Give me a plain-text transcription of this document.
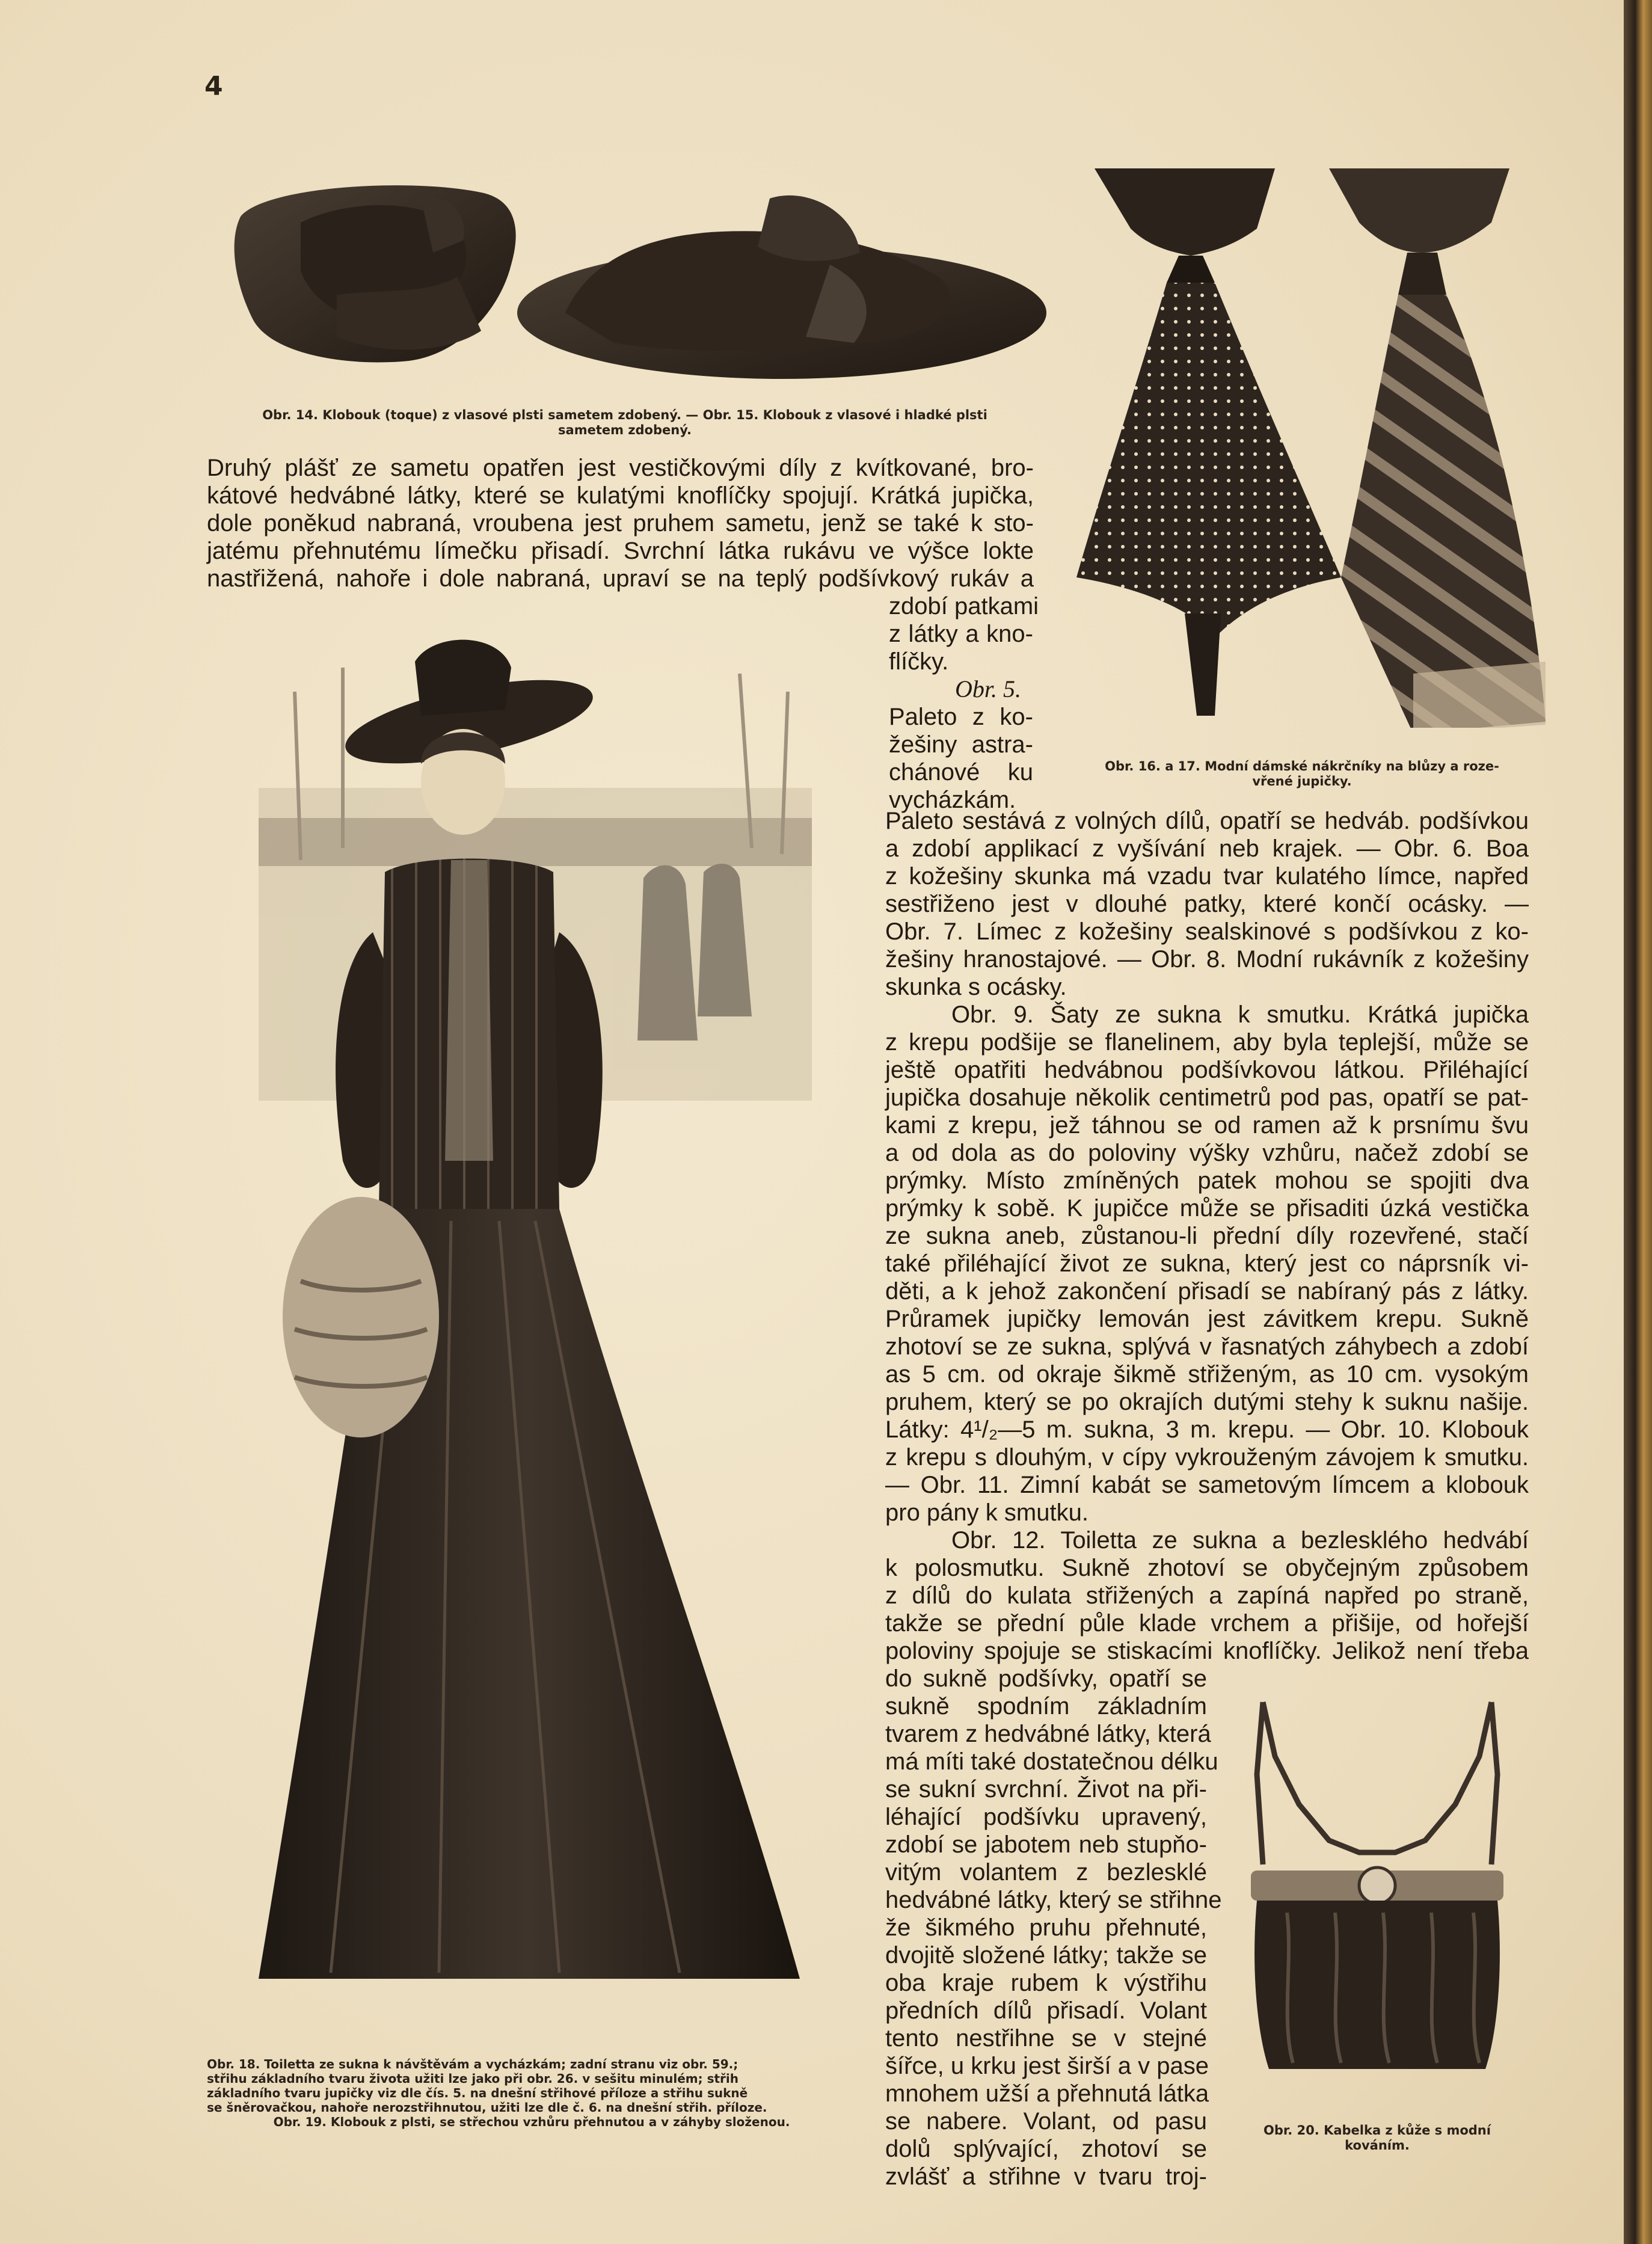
4
Obr. 14. Klobouk (toque) z vlasové plsti sametem zdobený. — Obr. 15. Klobouk z vlasové i hladké plsti
sametem zdobený.
Obr. 16. a 17. Modní dámské nákrčníky na blůzy a roze-
vřené jupičky.
Druhý plášť ze sametu opatřen jest vestičkovými díly z kvítkované, bro-
kátové hedvábné látky, které se kulatými knoflíčky spojují. Krátká jupička,
dole poněkud nabraná, vroubena jest pruhem sametu, jenž se také k sto-
jatému přehnutému límečku přisadí. Svrchní látka rukávu ve výšce lokte
nastřižená, nahoře i dole nabraná, upraví se na teplý podšívkový rukáv a
zdobí patkami
z látky a kno-
flíčky.
Obr. 5.
Paleto z ko-
žešiny astra-
chánové ku
vycházkám.
Obr. 18. Toiletta ze sukna k návštěvám a vycházkám; zadní stranu viz obr. 59.;
střihu základního tvaru života užiti lze jako při obr. 26. v sešitu minulém; střih
základního tvaru jupičky viz dle čís. 5. na dnešní střihové příloze a střihu sukně
se šněrovačkou, nahoře nerozstřihnutou, užiti lze dle č. 6. na dnešní střih. příloze.
Obr. 19. Klobouk z plsti, se střechou vzhůru přehnutou a v záhyby složenou.
Paleto sestává z volných dílů, opatří se hedváb. podšívkou
a zdobí applikací z vyšívání neb krajek. — Obr. 6. Boa
z kožešiny skunka má vzadu tvar kulatého límce, napřed
sestřiženo jest v dlouhé patky, které končí ocásky. —
Obr. 7. Límec z kožešiny sealskinové s podšívkou z ko-
žešiny hranostajové. — Obr. 8. Modní rukávník z kožešiny
skunka s ocásky.
Obr. 9. Šaty ze sukna k smutku. Krátká jupička
z krepu podšije se flanelinem, aby byla teplejší, může se
ještě opatřiti hedvábnou podšívkovou látkou. Přiléhající
jupička dosahuje několik centimetrů pod pas, opatří se pat-
kami z krepu, jež táhnou se od ramen až k prsnímu švu
a od dola as do poloviny výšky vzhůru, načež zdobí se
prýmky. Místo zmíněných patek mohou se spojiti dva
prýmky k sobě. K jupičce může se přisaditi úzká vestička
ze sukna aneb, zůstanou-li přední díly rozevřené, stačí
také přiléhající život ze sukna, který jest co náprsník vi-
děti, a k jehož zakončení přisadí se nabíraný pás z látky.
Průramek jupičky lemován jest závitkem krepu. Sukně
zhotoví se ze sukna, splývá v řasnatých záhybech a zdobí
as 5 cm. od okraje šikmě střiženým, as 10 cm. vysokým
pruhem, který se po okrajích dutými stehy k suknu našije.
Látky: 4¹/₂—5 m. sukna, 3 m. krepu. — Obr. 10. Klobouk
z krepu s dlouhým, v cípy vykrouženým závojem k smutku.
— Obr. 11. Zimní kabát se sametovým límcem a klobouk
pro pány k smutku.
Obr. 12. Toiletta ze sukna a bezlesklého hedvábí
k polosmutku. Sukně zhotoví se obyčejným způsobem
z dílů do kulata střižených a zapíná napřed po straně,
takže se přední půle klade vrchem a přišije, od hořejší
poloviny spojuje se stiskacími knoflíčky. Jelikož není třeba
do sukně podšívky, opatří se
sukně spodním základním
tvarem z hedvábné látky, která
má míti také dostatečnou délku
se sukní svrchní. Život na při-
léhající podšívku upravený,
zdobí se jabotem neb stupňo-
vitým volantem z bezlesklé
hedvábné látky, který se střihne
že šikmého pruhu přehnuté,
dvojitě složené látky; takže se
oba kraje rubem k výstřihu
předních dílů přisadí. Volant
tento nestřihne se v stejné
šířce, u krku jest širší a v pase
mnohem užší a přehnutá látka
se nabere. Volant, od pasu
dolů splývající, zhotoví se
zvlášť a střihne v tvaru troj-
Obr. 20. Kabelka z kůže s modní
kováním.
